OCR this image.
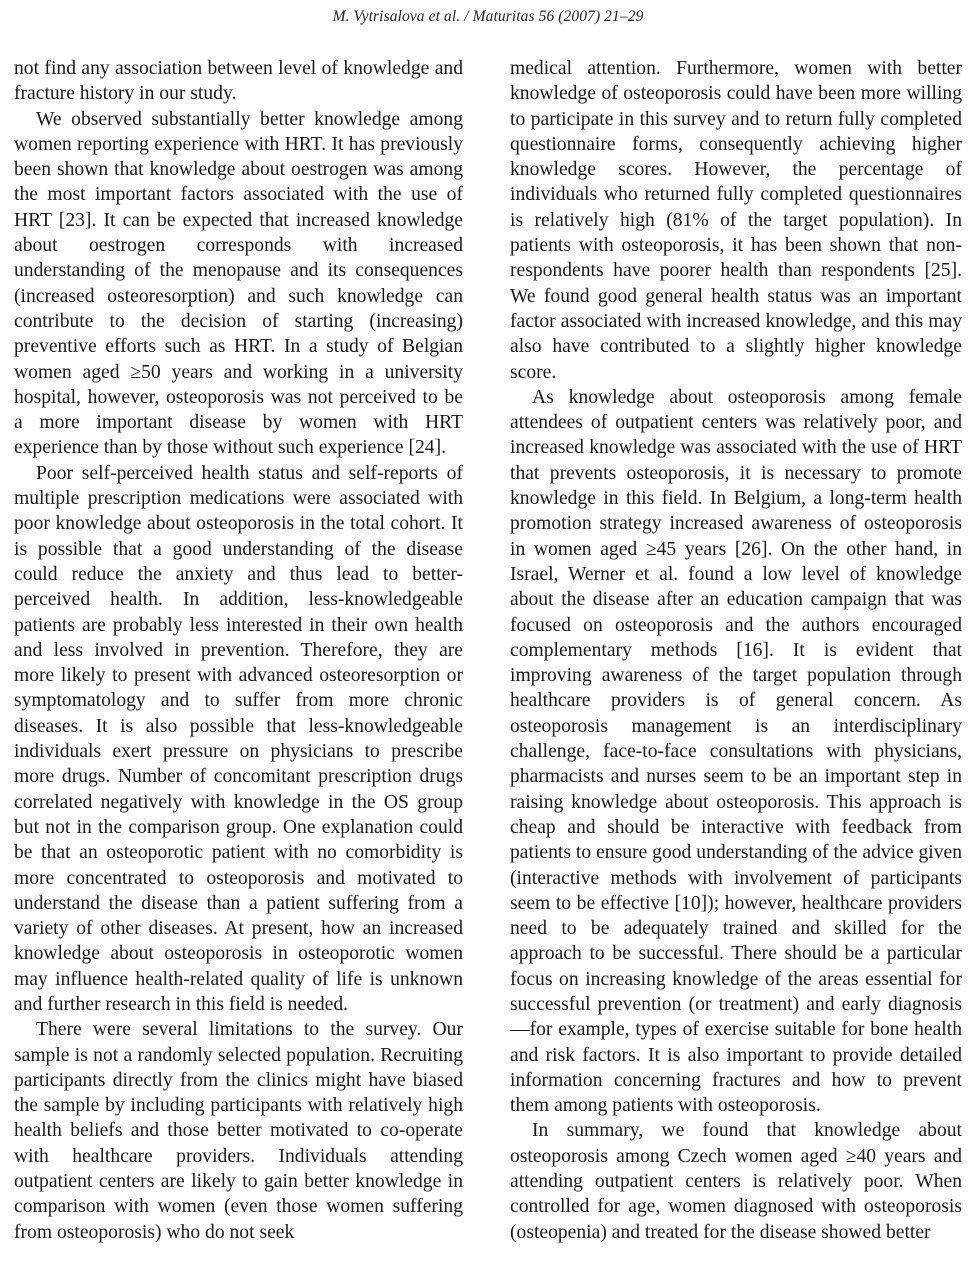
M. Vytrisalova et al. / Maturitas 56 (2007) 21–29

not find any association between level of knowledge and fracture history in our study.

We observed substantially better knowledge among women reporting experience with HRT. It has previously been shown that knowledge about oestrogen was among the most important factors associated with the use of HRT [23]. It can be expected that increased knowledge about oestrogen corresponds with increased understanding of the menopause and its consequences (increased osteoresorption) and such knowledge can contribute to the decision of starting (increasing) preventive efforts such as HRT. In a study of Belgian women aged ≥50 years and working in a university hospital, however, osteoporosis was not perceived to be a more important disease by women with HRT experience than by those without such experience [24].

Poor self-perceived health status and self-reports of multiple prescription medications were associated with poor knowledge about osteoporosis in the total cohort. It is possible that a good understanding of the disease could reduce the anxiety and thus lead to better-perceived health. In addition, less-knowledgeable patients are probably less interested in their own health and less involved in prevention. Therefore, they are more likely to present with advanced osteoresorption or symptomatology and to suffer from more chronic diseases. It is also possible that less-knowledgeable individuals exert pressure on physicians to prescribe more drugs. Number of concomitant prescription drugs correlated negatively with knowledge in the OS group but not in the comparison group. One explanation could be that an osteoporotic patient with no comorbidity is more concentrated to osteoporosis and motivated to understand the disease than a patient suffering from a variety of other diseases. At present, how an increased knowledge about osteoporosis in osteoporotic women may influence health-related quality of life is unknown and further research in this field is needed.

There were several limitations to the survey. Our sample is not a randomly selected population. Recruiting participants directly from the clinics might have biased the sample by including participants with relatively high health beliefs and those better motivated to co-operate with healthcare providers. Individuals attending outpatient centers are likely to gain better knowledge in comparison with women (even those women suffering from osteoporosis) who do not seek

medical attention. Furthermore, women with better knowledge of osteoporosis could have been more willing to participate in this survey and to return fully completed questionnaire forms, consequently achieving higher knowledge scores. However, the percentage of individuals who returned fully completed questionnaires is relatively high (81% of the target population). In patients with osteoporosis, it has been shown that non-respondents have poorer health than respondents [25]. We found good general health status was an important factor associated with increased knowledge, and this may also have contributed to a slightly higher knowledge score.

As knowledge about osteoporosis among female attendees of outpatient centers was relatively poor, and increased knowledge was associated with the use of HRT that prevents osteoporosis, it is necessary to promote knowledge in this field. In Belgium, a long-term health promotion strategy increased awareness of osteoporosis in women aged ≥45 years [26]. On the other hand, in Israel, Werner et al. found a low level of knowledge about the disease after an education campaign that was focused on osteoporosis and the authors encouraged complementary methods [16]. It is evident that improving awareness of the target population through healthcare providers is of general concern. As osteoporosis management is an interdisciplinary challenge, face-to-face consultations with physicians, pharmacists and nurses seem to be an important step in raising knowledge about osteoporosis. This approach is cheap and should be interactive with feedback from patients to ensure good understanding of the advice given (interactive methods with involvement of participants seem to be effective [10]); however, healthcare providers need to be adequately trained and skilled for the approach to be successful. There should be a particular focus on increasing knowledge of the areas essential for successful prevention (or treatment) and early diagnosis—for example, types of exercise suitable for bone health and risk factors. It is also important to provide detailed information concerning fractures and how to prevent them among patients with osteoporosis.

In summary, we found that knowledge about osteoporosis among Czech women aged ≥40 years and attending outpatient centers is relatively poor. When controlled for age, women diagnosed with osteoporosis (osteopenia) and treated for the disease showed better
